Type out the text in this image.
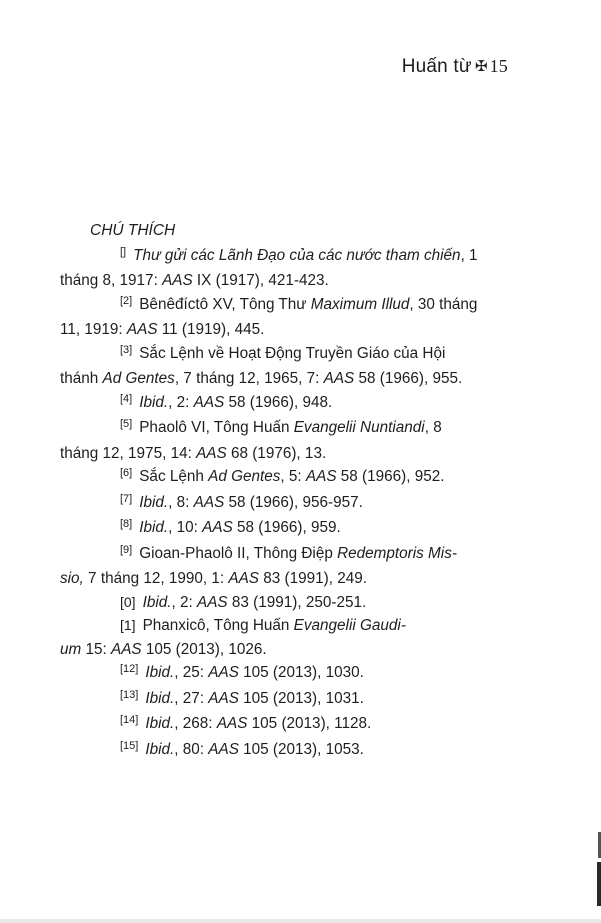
Huấn từ ✠ 15
CHÚ THÍCH
[] Thư gửi các Lãnh Đạo của các nước tham chiến, 1
tháng 8, 1917: AAS IX (1917), 421-423.
[2] Bênêđíctô XV, Tông Thư Maximum Illud, 30 tháng
11, 1919: AAS 11 (1919), 445.
[3] Sắc Lệnh về Hoạt Động Truyền Giáo của Hội
thánh Ad Gentes, 7 tháng 12, 1965, 7: AAS 58 (1966), 955.
[4] Ibid., 2: AAS 58 (1966), 948.
[5] Phaolô VI, Tông Huấn Evangelii Nuntiandi, 8
tháng 12, 1975, 14: AAS 68 (1976), 13.
[6] Sắc Lệnh Ad Gentes, 5: AAS 58 (1966), 952.
[7] Ibid., 8: AAS 58 (1966), 956-957.
[8] Ibid., 10: AAS 58 (1966), 959.
[9] Gioan-Phaolô II, Thông Điệp Redemptoris Mis-
sio, 7 tháng 12, 1990, 1: AAS 83 (1991), 249.
[0] Ibid., 2: AAS 83 (1991), 250-251.
[1] Phanxicô, Tông Huấn Evangelii Gaudi-
um 15: AAS 105 (2013), 1026.
[12] Ibid., 25: AAS 105 (2013), 1030.
[13] Ibid., 27: AAS 105 (2013), 1031.
[14] Ibid., 268: AAS 105 (2013), 1128.
[15] Ibid., 80: AAS 105 (2013), 1053.
